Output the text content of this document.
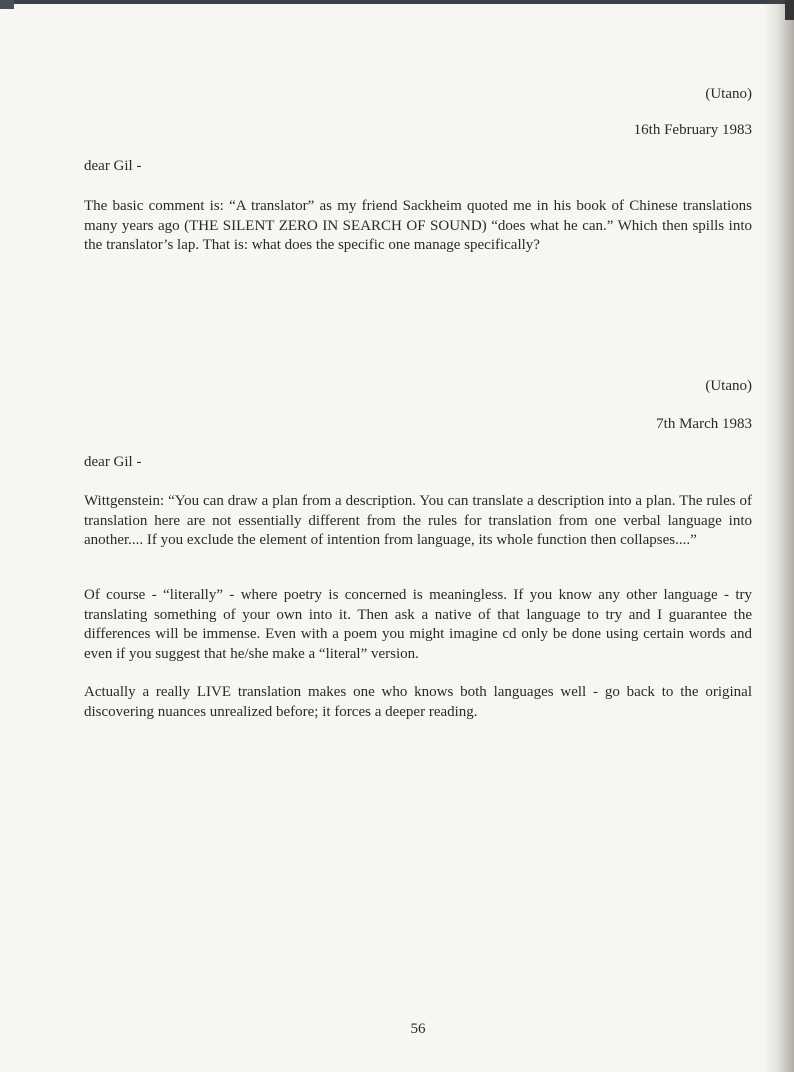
(Utano)
16th February 1983
dear Gil -

The basic comment is: “A translator” as my friend Sackheim quoted me in his book of Chinese translations many years ago (THE SILENT ZERO IN SEARCH OF SOUND) “does what he can.” Which then spills into the translator’s lap. That is: what does the specific one manage specifically?

(Utano)
7th March 1983
dear Gil -

Wittgenstein: “You can draw a plan from a description. You can translate a description into a plan. The rules of translation here are not essentially different from the rules for translation from one verbal language into another.... If you exclude the element of intention from language, its whole function then collapses....”

Of course - “literally” - where poetry is concerned is meaningless. If you know any other language - try translating something of your own into it. Then ask a native of that language to try and I guarantee the differences will be immense. Even with a poem you might imagine cd only be done using certain words and even if you suggest that he/she make a “literal” version.

Actually a really LIVE translation makes one who knows both languages well - go back to the original discovering nuances unrealized before; it forces a deeper reading.

56
